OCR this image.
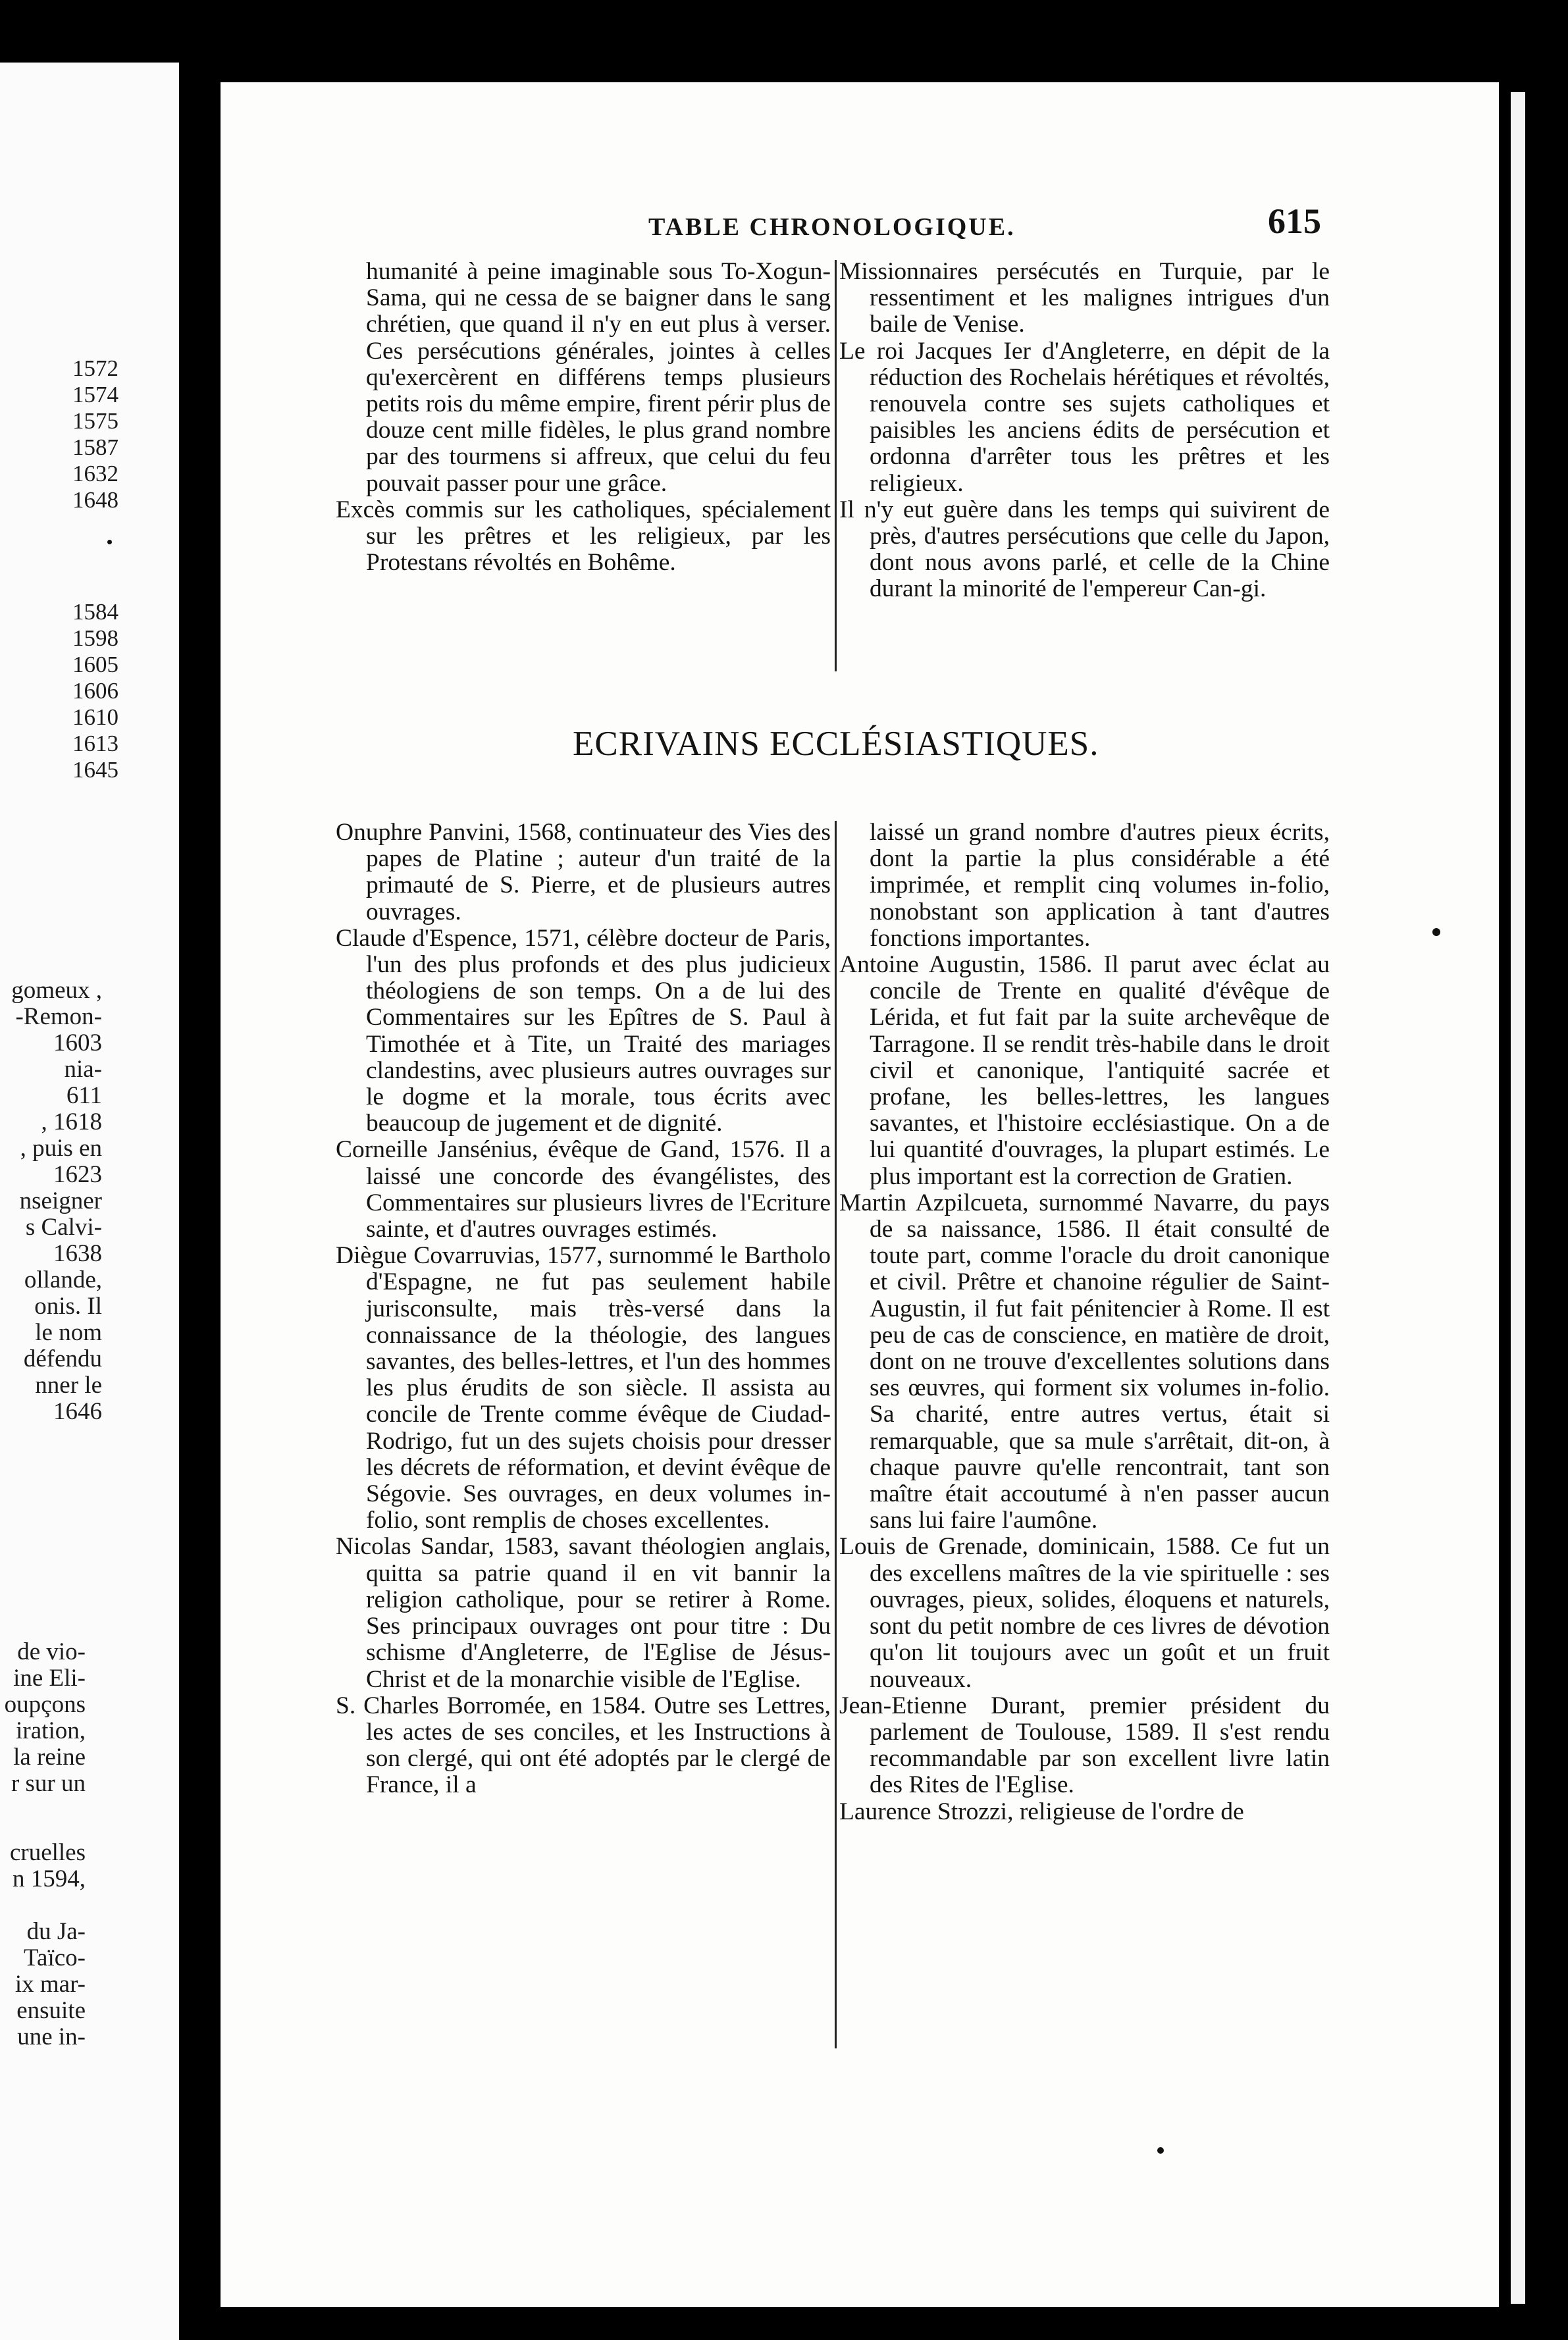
1572
1574
1575
1587
1632
1648
1584
1598
1605
1606
1610
1613
1645
gomeux ,
-Remon-
1603
nia-
611
, 1618
, puis en
1623
nseigner
s Calvi-
1638
ollande,
onis. Il
le nom
défendu
nner le
1646
de vio-
ine Eli-
oupçons
iration,
la reine
r sur un
cruelles
n 1594,

du Ja-
Taïco-
ix mar-
ensuite
une in-
TABLE CHRONOLOGIQUE.	615

humanité à peine imaginable sous To-Xogun-Sama, qui ne cessa de se baigner dans le sang chrétien, que quand il n'y en eut plus à verser. Ces persécutions générales, jointes à celles qu'exercèrent en différens temps plusieurs petits rois du même empire, firent périr plus de douze cent mille fidèles, le plus grand nombre par des tourmens si affreux, que celui du feu pouvait passer pour une grâce.

Excès commis sur les catholiques, spécialement sur les prêtres et les religieux, par les Protestans révoltés en Bohême.

Missionnaires persécutés en Turquie, par le ressentiment et les malignes intrigues d'un baile de Venise.

Le roi Jacques Ier d'Angleterre, en dépit de la réduction des Rochelais hérétiques et révoltés, renouvela contre ses sujets catholiques et paisibles les anciens édits de persécution et ordonna d'arrêter tous les prêtres et les religieux.

Il n'y eut guère dans les temps qui suivirent de près, d'autres persécutions que celle du Japon, dont nous avons parlé, et celle de la Chine durant la minorité de l'empereur Can-gi.

ECRIVAINS ECCLÉSIASTIQUES.

Onuphre Panvini, 1568, continuateur des Vies des papes de Platine ; auteur d'un traité de la primauté de S. Pierre, et de plusieurs autres ouvrages.

Claude d'Espence, 1571, célèbre docteur de Paris, l'un des plus profonds et des plus judicieux théologiens de son temps. On a de lui des Commentaires sur les Epîtres de S. Paul à Timothée et à Tite, un Traité des mariages clandestins, avec plusieurs autres ouvrages sur le dogme et la morale, tous écrits avec beaucoup de jugement et de dignité.

Corneille Jansénius, évêque de Gand, 1576. Il a laissé une concorde des évangélistes, des Commentaires sur plusieurs livres de l'Ecriture sainte, et d'autres ouvrages estimés.

Diègue Covarruvias, 1577, surnommé le Bartholo d'Espagne, ne fut pas seulement habile jurisconsulte, mais très-versé dans la connaissance de la théologie, des langues savantes, des belles-lettres, et l'un des hommes les plus érudits de son siècle. Il assista au concile de Trente comme évêque de Ciudad-Rodrigo, fut un des sujets choisis pour dresser les décrets de réformation, et devint évêque de Ségovie. Ses ouvrages, en deux volumes in-folio, sont remplis de choses excellentes.

Nicolas Sandar, 1583, savant théologien anglais, quitta sa patrie quand il en vit bannir la religion catholique, pour se retirer à Rome. Ses principaux ouvrages ont pour titre : Du schisme d'Angleterre, de l'Eglise de Jésus-Christ et de la monarchie visible de l'Eglise.

S. Charles Borromée, en 1584. Outre ses Lettres, les actes de ses conciles, et les Instructions à son clergé, qui ont été adoptés par le clergé de France, il a

laissé un grand nombre d'autres pieux écrits, dont la partie la plus considérable a été imprimée, et remplit cinq volumes in-folio, nonobstant son application à tant d'autres fonctions importantes.

Antoine Augustin, 1586. Il parut avec éclat au concile de Trente en qualité d'évêque de Lérida, et fut fait par la suite archevêque de Tarragone. Il se rendit très-habile dans le droit civil et canonique, l'antiquité sacrée et profane, les belles-lettres, les langues savantes, et l'histoire ecclésiastique. On a de lui quantité d'ouvrages, la plupart estimés. Le plus important est la correction de Gratien.

Martin Azpilcueta, surnommé Navarre, du pays de sa naissance, 1586. Il était consulté de toute part, comme l'oracle du droit canonique et civil. Prêtre et chanoine régulier de Saint-Augustin, il fut fait pénitencier à Rome. Il est peu de cas de conscience, en matière de droit, dont on ne trouve d'excellentes solutions dans ses œuvres, qui forment six volumes in-folio. Sa charité, entre autres vertus, était si remarquable, que sa mule s'arrêtait, dit-on, à chaque pauvre qu'elle rencontrait, tant son maître était accoutumé à n'en passer aucun sans lui faire l'aumône.

Louis de Grenade, dominicain, 1588. Ce fut un des excellens maîtres de la vie spirituelle : ses ouvrages, pieux, solides, éloquens et naturels, sont du petit nombre de ces livres de dévotion qu'on lit toujours avec un goût et un fruit nouveaux.

Jean-Etienne Durant, premier président du parlement de Toulouse, 1589. Il s'est rendu recommandable par son excellent livre latin des Rites de l'Eglise.

Laurence Strozzi, religieuse de l'ordre de
